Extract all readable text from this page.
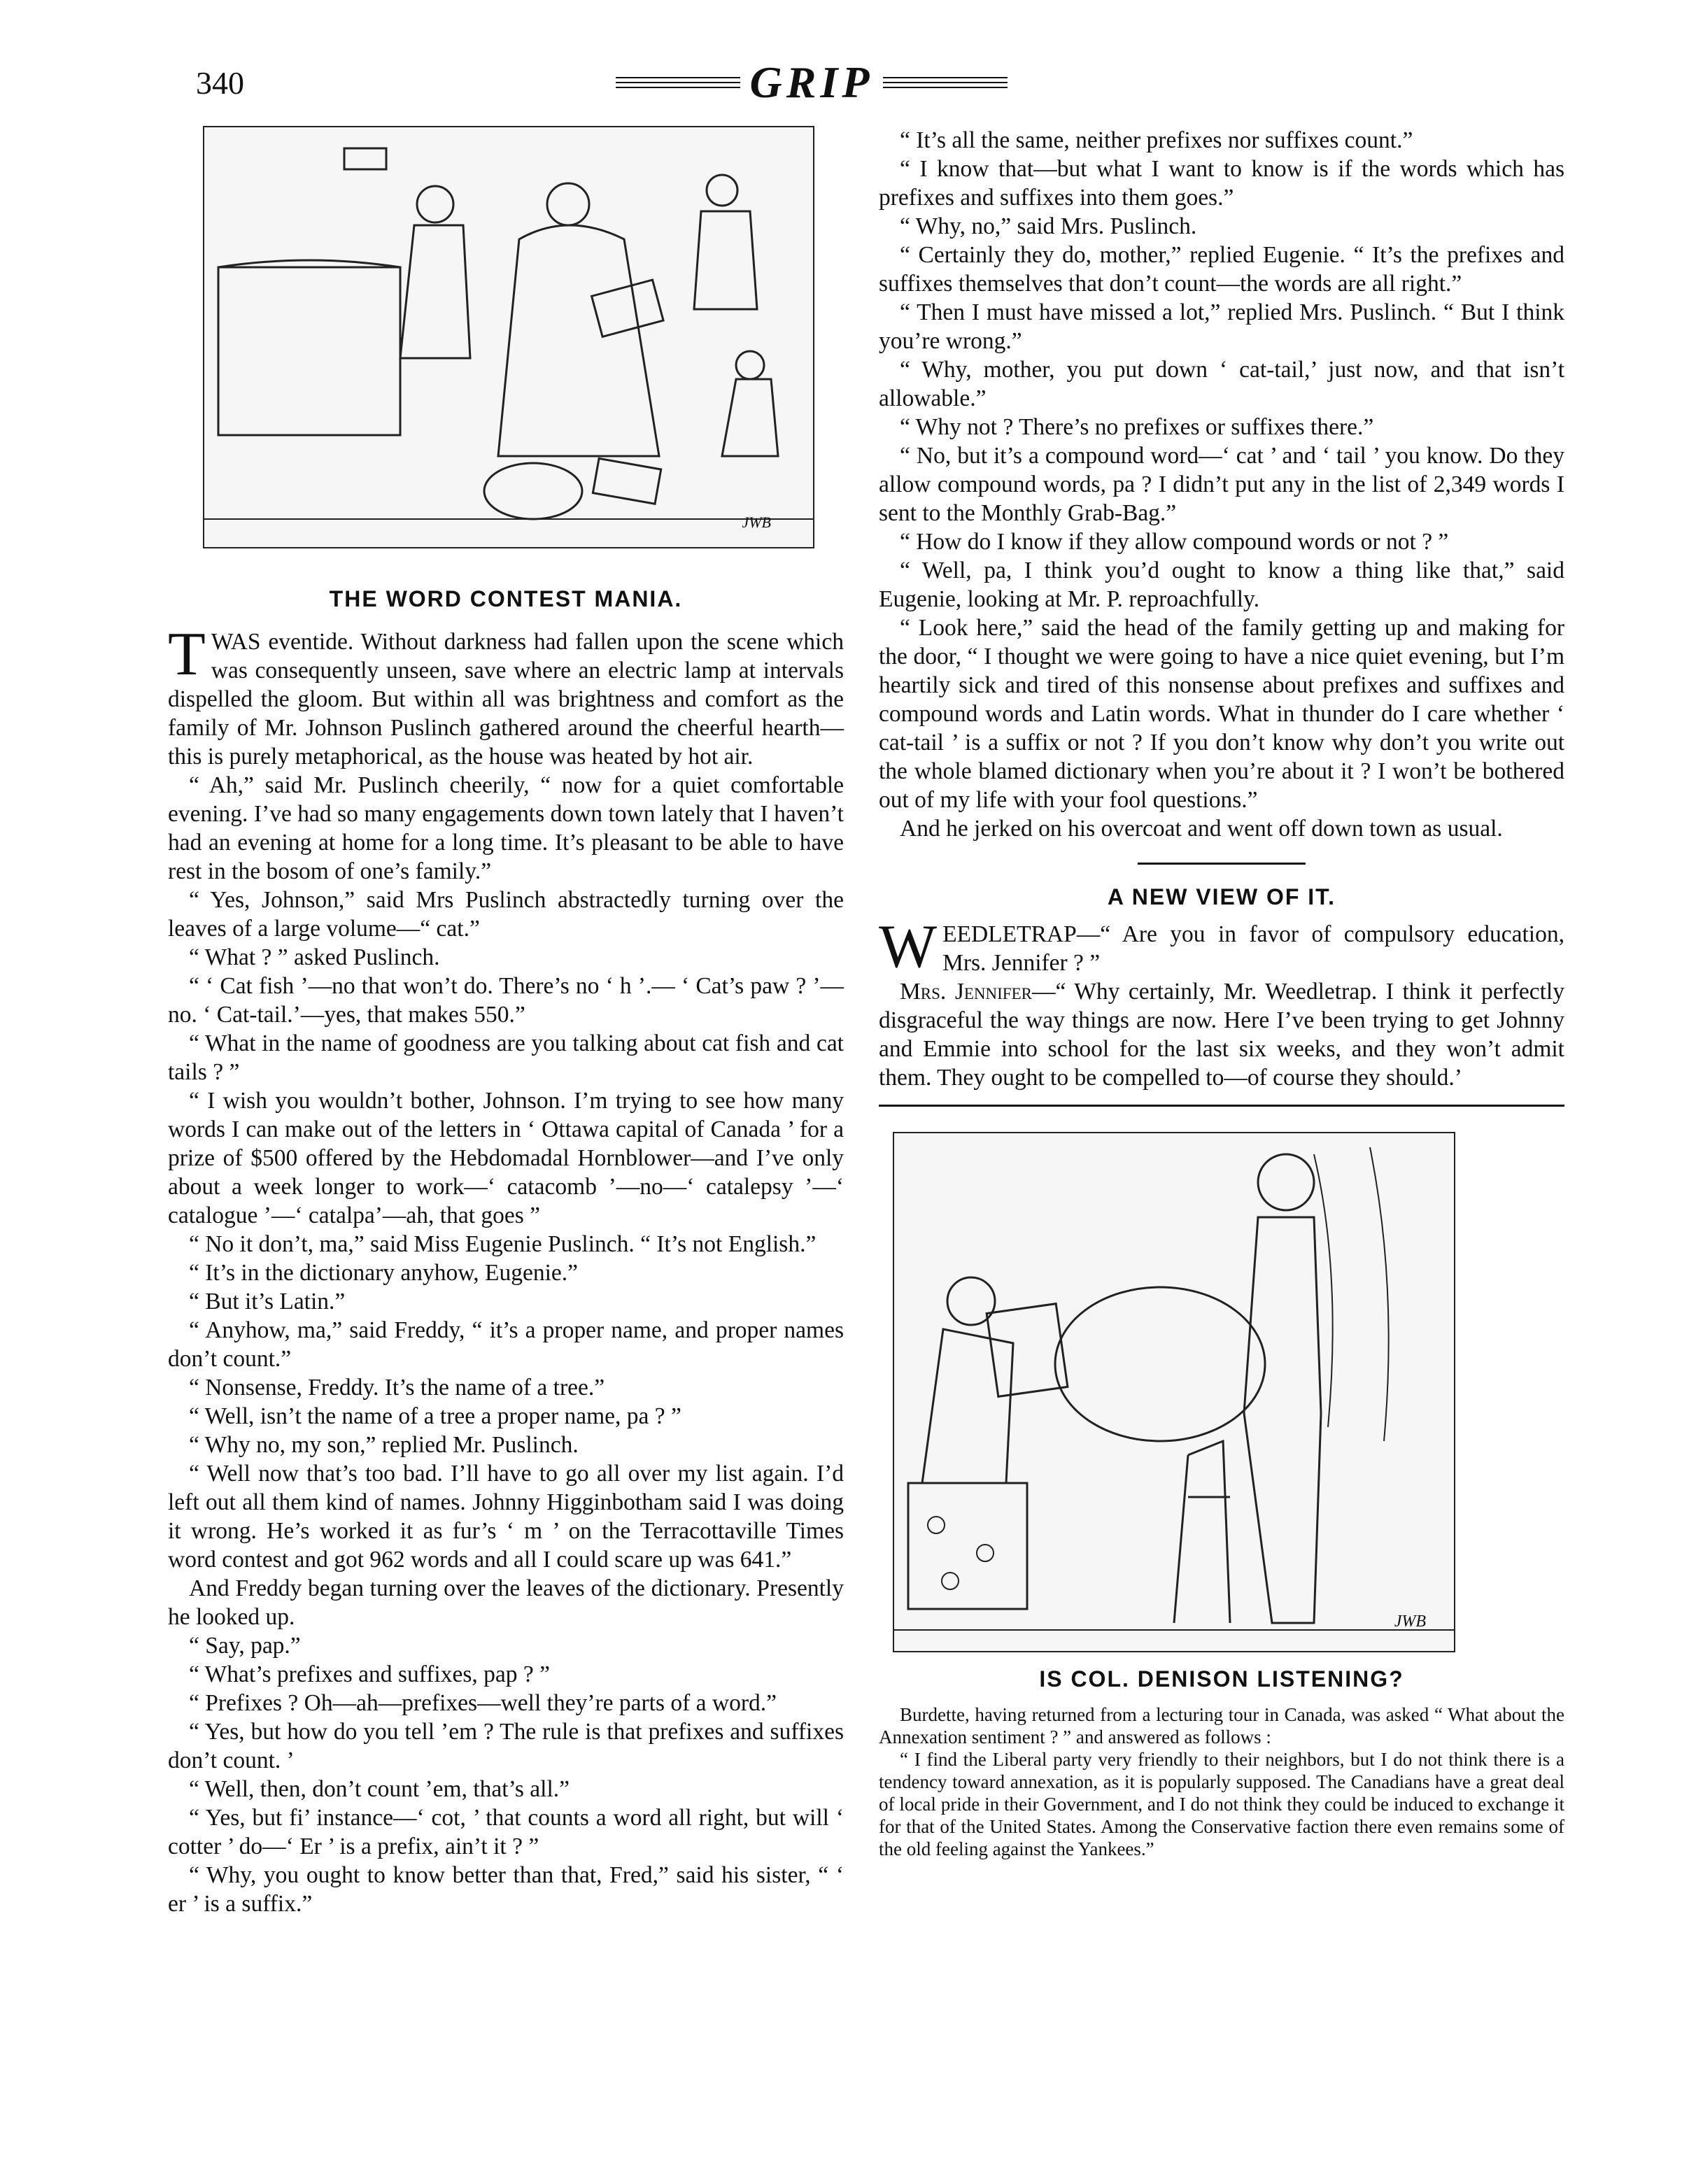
340	GRIP
JWB
THE WORD CONTEST MANIA.

TWAS eventide. Without darkness had fallen upon the scene which was consequently unseen, save where an electric lamp at intervals dispelled the gloom. But within all was brightness and comfort as the family of Mr. Johnson Puslinch gathered around the cheerful hearth—this is purely metaphorical, as the house was heated by hot air.

“ Ah,” said Mr. Puslinch cheerily, “ now for a quiet comfortable evening. I’ve had so many engagements down town lately that I haven’t had an evening at home for a long time. It’s pleasant to be able to have rest in the bosom of one’s family.”

“ Yes, Johnson,” said Mrs Puslinch abstractedly turning over the leaves of a large volume—“ cat.”

“ What ? ” asked Puslinch.

“ ‘ Cat fish ’—no that won’t do. There’s no ‘ h ’.— ‘ Cat’s paw ? ’—no. ‘ Cat-tail.’—yes, that makes 550.”

“ What in the name of goodness are you talking about cat fish and cat tails ? ”

“ I wish you wouldn’t bother, Johnson. I’m trying to see how many words I can make out of the letters in ‘ Ottawa capital of Canada ’ for a prize of $500 offered by the Hebdomadal Hornblower—and I’ve only about a week longer to work—‘ catacomb ’—no—‘ catalepsy ’—‘ catalogue ’—‘ catalpa’—ah, that goes ”

“ No it don’t, ma,” said Miss Eugenie Puslinch. “ It’s not English.”

“ It’s in the dictionary anyhow, Eugenie.”

“ But it’s Latin.”

“ Anyhow, ma,” said Freddy, “ it’s a proper name, and proper names don’t count.”

“ Nonsense, Freddy. It’s the name of a tree.”

“ Well, isn’t the name of a tree a proper name, pa ? ”

“ Why no, my son,” replied Mr. Puslinch.

“ Well now that’s too bad. I’ll have to go all over my list again. I’d left out all them kind of names. Johnny Higginbotham said I was doing it wrong. He’s worked it as fur’s ‘ m ’ on the Terracottaville Times word contest and got 962 words and all I could scare up was 641.”

And Freddy began turning over the leaves of the dictionary. Presently he looked up.

“ Say, pap.”

“ What’s prefixes and suffixes, pap ? ”

“ Prefixes ? Oh—ah—prefixes—well they’re parts of a word.”

“ Yes, but how do you tell ’em ? The rule is that prefixes and suffixes don’t count. ’

“ Well, then, don’t count ’em, that’s all.”

“ Yes, but fi’ instance—‘ cot, ’ that counts a word all right, but will ‘ cotter ’ do—‘ Er ’ is a prefix, ain’t it ? ”

“ Why, you ought to know better than that, Fred,” said his sister, “ ‘ er ’ is a suffix.”

“ It’s all the same, neither prefixes nor suffixes count.”

“ I know that—but what I want to know is if the words which has prefixes and suffixes into them goes.”

“ Why, no,” said Mrs. Puslinch.

“ Certainly they do, mother,” replied Eugenie. “ It’s the prefixes and suffixes themselves that don’t count—the words are all right.”

“ Then I must have missed a lot,” replied Mrs. Puslinch. “ But I think you’re wrong.”

“ Why, mother, you put down ‘ cat-tail,’ just now, and that isn’t allowable.”

“ Why not ? There’s no prefixes or suffixes there.”

“ No, but it’s a compound word—‘ cat ’ and ‘ tail ’ you know. Do they allow compound words, pa ? I didn’t put any in the list of 2,349 words I sent to the Monthly Grab-Bag.”

“ How do I know if they allow compound words or not ? ”

“ Well, pa, I think you’d ought to know a thing like that,” said Eugenie, looking at Mr. P. reproachfully.

“ Look here,” said the head of the family getting up and making for the door, “ I thought we were going to have a nice quiet evening, but I’m heartily sick and tired of this nonsense about prefixes and suffixes and compound words and Latin words. What in thunder do I care whether ‘ cat-tail ’ is a suffix or not ? If you don’t know why don’t you write out the whole blamed dictionary when you’re about it ? I won’t be bothered out of my life with your fool questions.”

And he jerked on his overcoat and went off down town as usual.

A NEW VIEW OF IT.

WEEDLETRAP—“ Are you in favor of compulsory education, Mrs. Jennifer ? ”

Mrs. Jennifer—“ Why certainly, Mr. Weedletrap. I think it perfectly disgraceful the way things are now. Here I’ve been trying to get Johnny and Emmie into school for the last six weeks, and they won’t admit them. They ought to be compelled to—of course they should.’

JWB
IS COL. DENISON LISTENING?

Burdette, having returned from a lecturing tour in Canada, was asked “ What about the Annexation sentiment ? ” and answered as follows :

“ I find the Liberal party very friendly to their neighbors, but I do not think there is a tendency toward annexation, as it is popularly supposed. The Canadians have a great deal of local pride in their Government, and I do not think they could be induced to exchange it for that of the United States. Among the Conservative faction there even remains some of the old feeling against the Yankees.”
